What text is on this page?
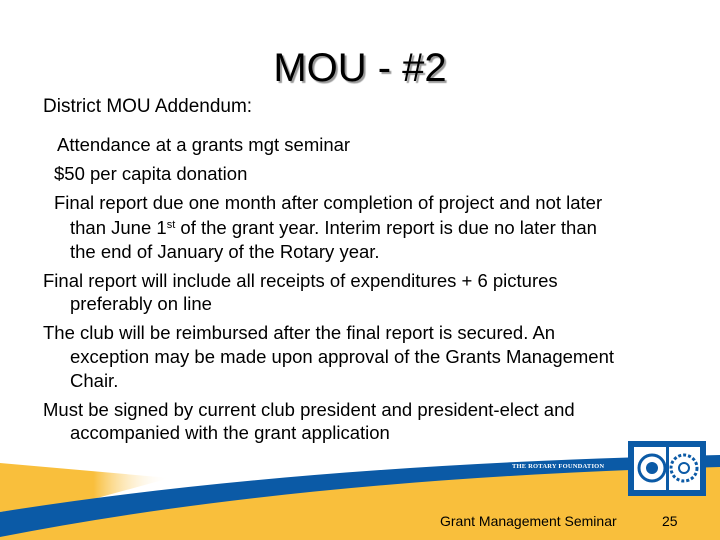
THE ROTARY FOUNDATION
MOU - #2
District MOU Addendum:
Attendance at a grants mgt seminar
$50 per capita donation
Final report due one month after completion of project and not later
than June 1st of the grant year. Interim report is due no later than
the end of January of the Rotary year.
Final report will include all receipts of expenditures + 6 pictures
preferably on line
The club will be reimbursed after the final report is secured. An
exception may be made upon approval of the Grants Management
Chair.
Must be signed by current club president and president-elect and
accompanied with the grant application
Grant Management Seminar	25
